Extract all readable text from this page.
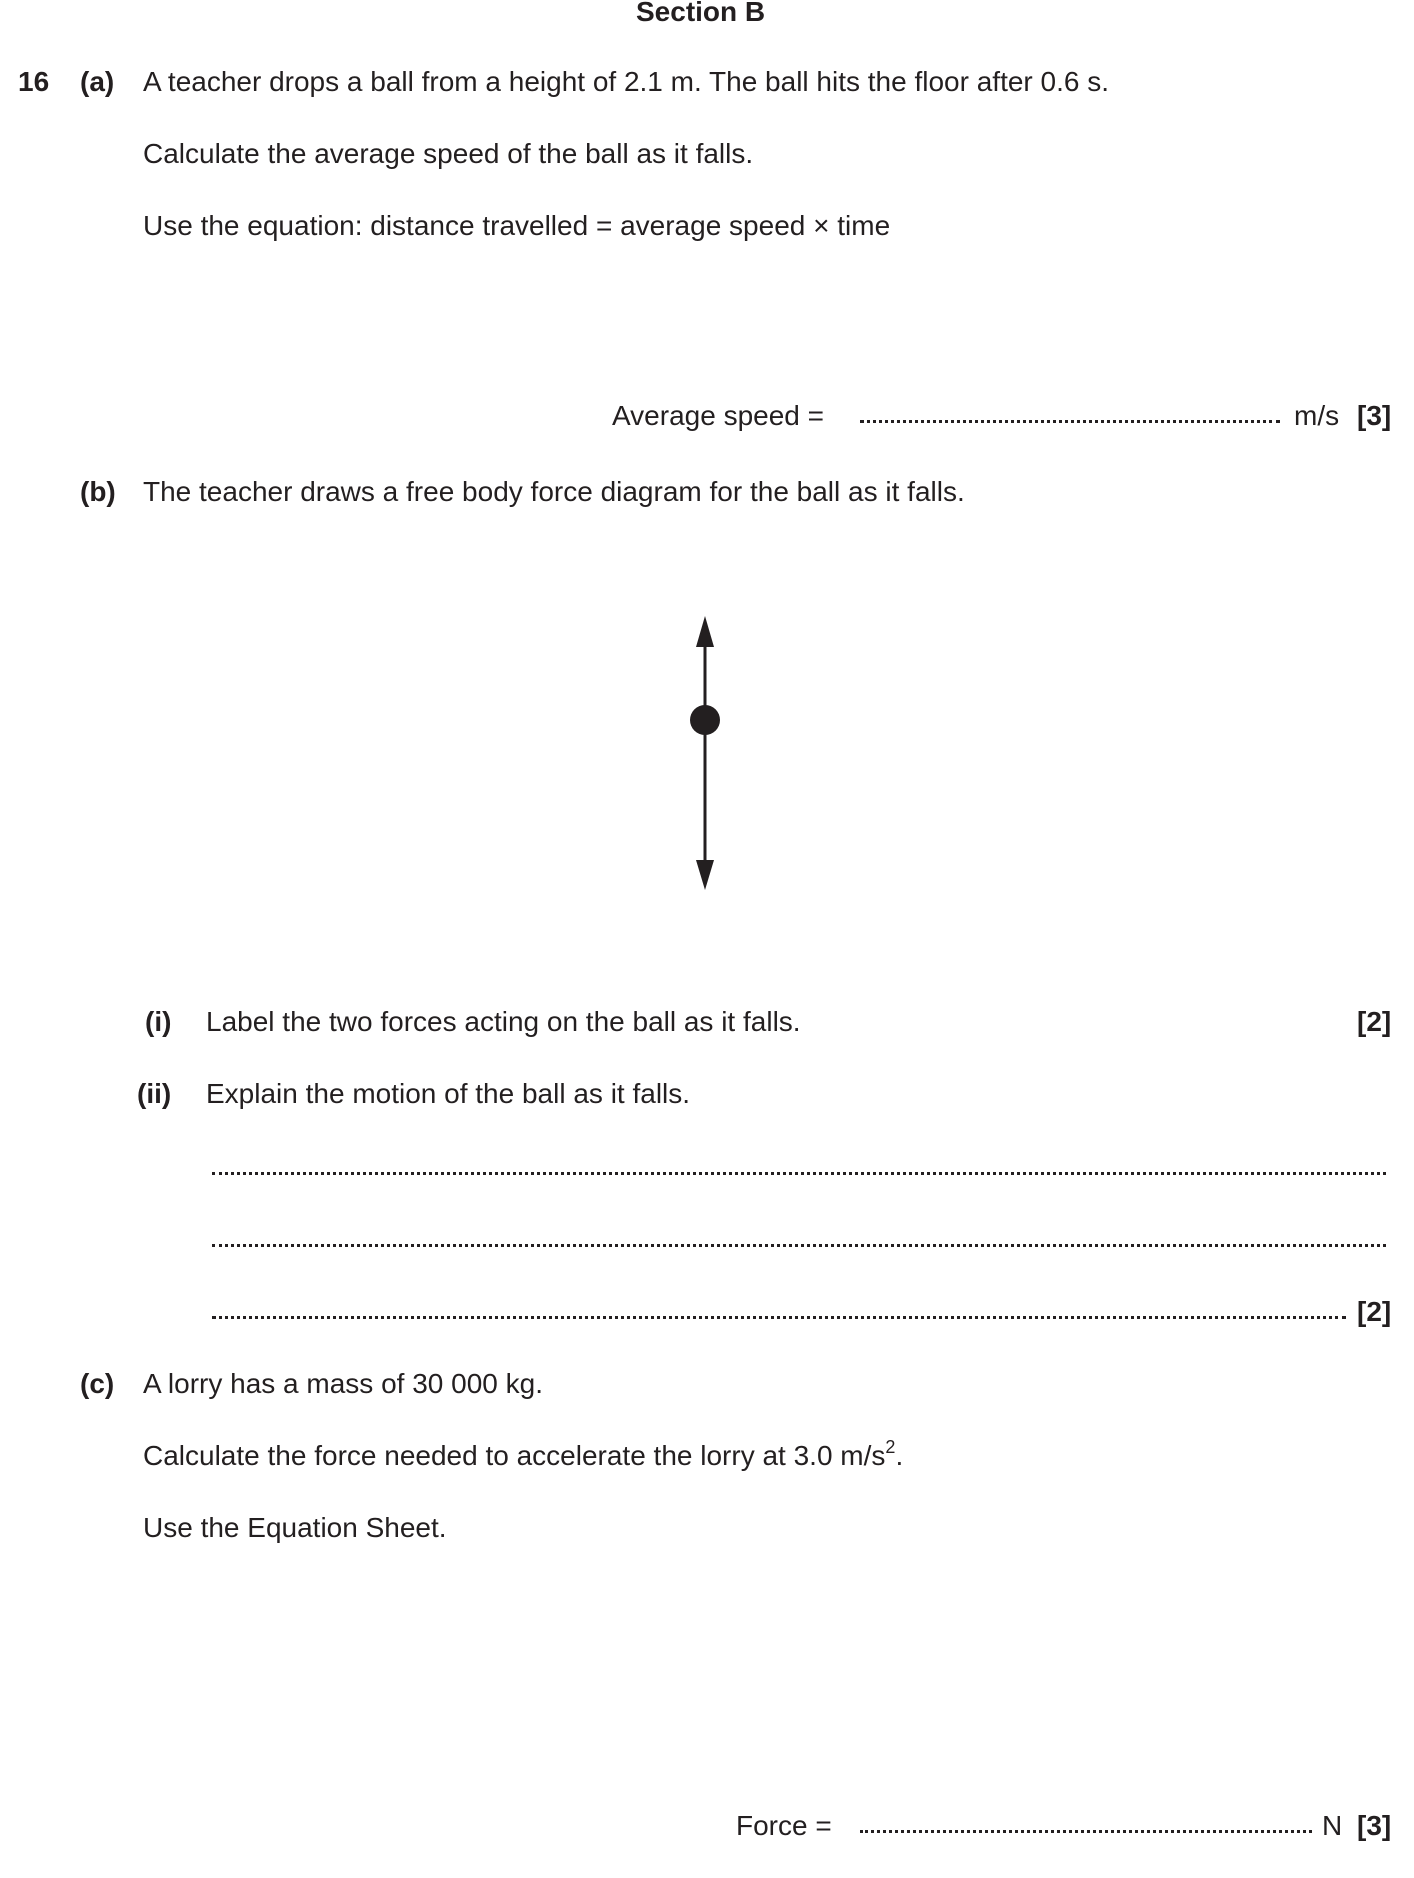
Section B
16 (a) A teacher drops a ball from a height of 2.1 m. The ball hits the floor after 0.6 s.
Calculate the average speed of the ball as it falls.
Use the equation: distance travelled = average speed × time
Average speed =	m/s [3]
(b) The teacher draws a free body force diagram for the ball as it falls.
(i) Label the two forces acting on the ball as it falls.	[2]
(ii) Explain the motion of the ball as it falls.
[2]
(c) A lorry has a mass of 30 000 kg.
Calculate the force needed to accelerate the lorry at 3.0 $m/s^2$.
Use the Equation Sheet.
Force =	N [3]
